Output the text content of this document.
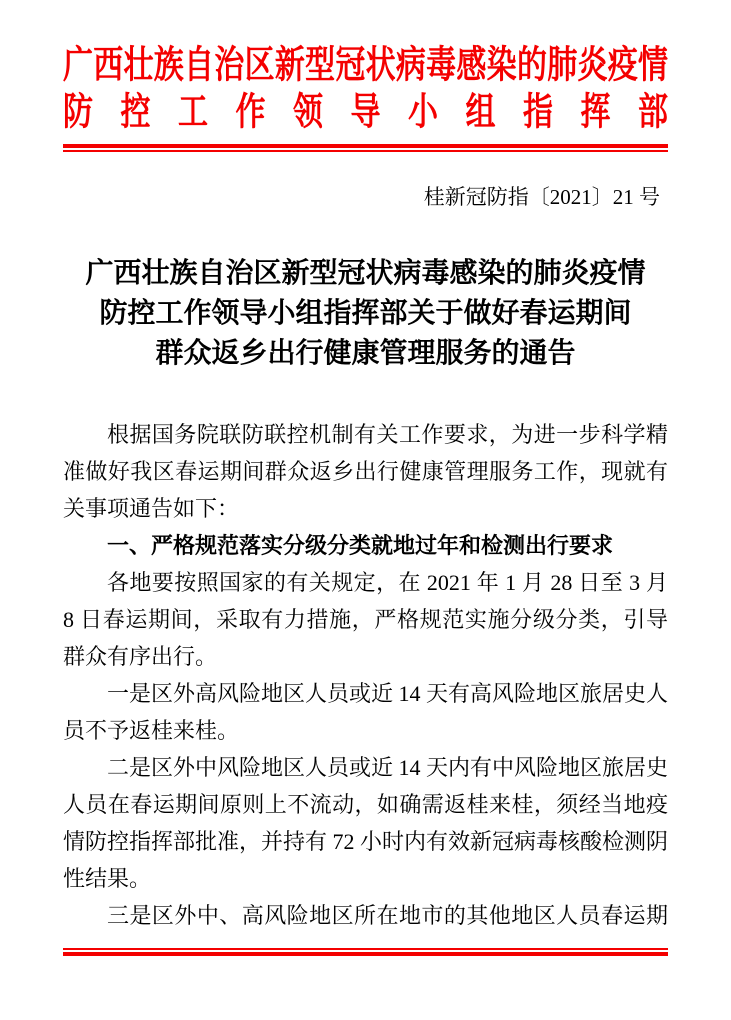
广西壮族自治区新型冠状病毒感染的肺炎疫情
防控工作领导小组指挥部
桂新冠防指〔2021〕21 号
广西壮族自治区新型冠状病毒感染的肺炎疫情
防控工作领导小组指挥部关于做好春运期间
群众返乡出行健康管理服务的通告

根据国务院联防联控机制有关工作要求，为进一步科学精准做好我区春运期间群众返乡出行健康管理服务工作，现就有关事项通告如下：

一、严格规范落实分级分类就地过年和检测出行要求

各地要按照国家的有关规定，在 2021 年 1 月 28 日至 3 月 8 日春运期间，采取有力措施，严格规范实施分级分类，引导群众有序出行。

一是区外高风险地区人员或近 14 天有高风险地区旅居史人员不予返桂来桂。

二是区外中风险地区人员或近 14 天内有中风险地区旅居史人员在春运期间原则上不流动，如确需返桂来桂，须经当地疫情防控指挥部批准，并持有 72 小时内有效新冠病毒核酸检测阴性结果。

三是区外中、高风险地区所在地市的其他地区人员春运期
